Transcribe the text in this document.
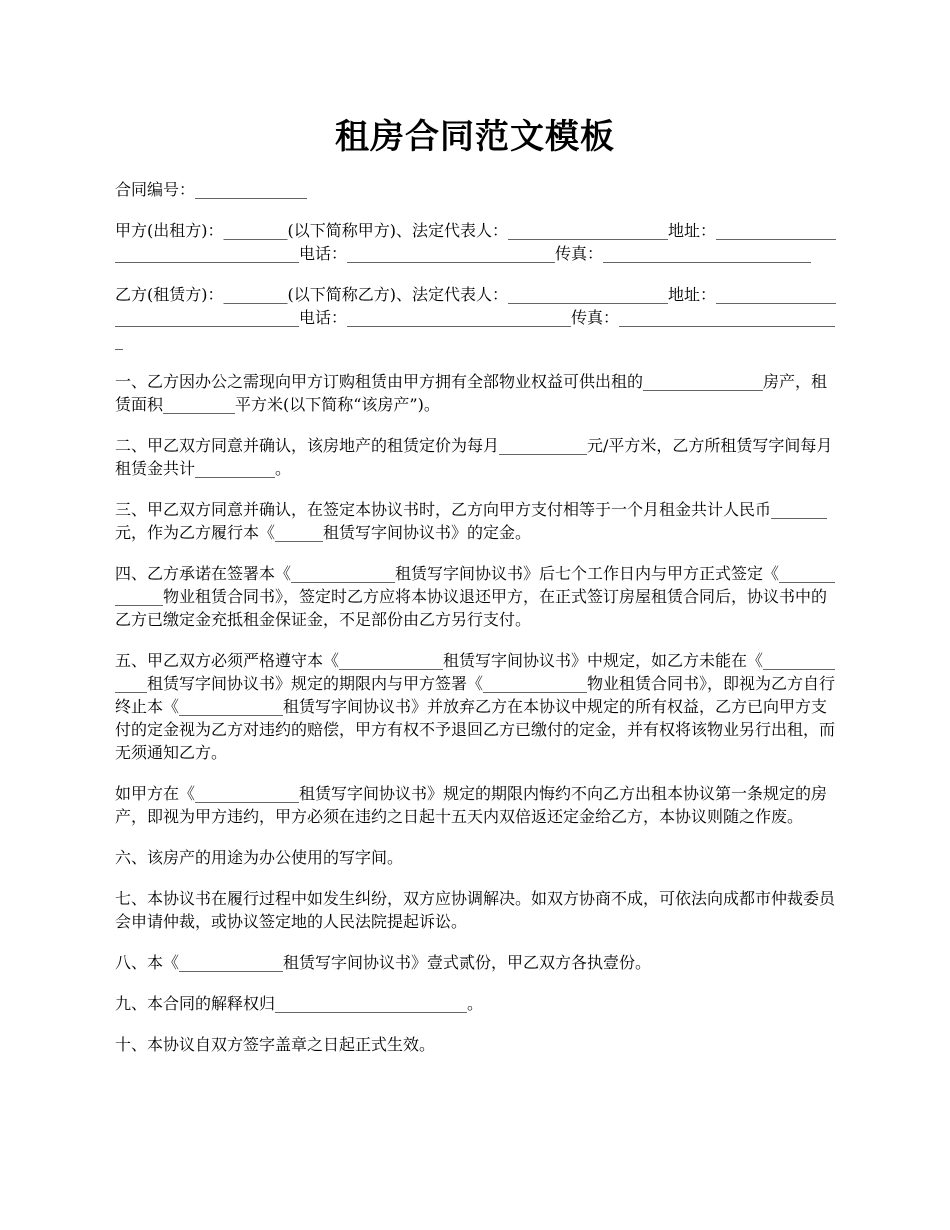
租房合同范文模板

合同编号：______________

甲方(出租方)：________(以下简称甲方)、法定代表人：____________________地址：______________________________________电话：__________________________传真：__________________________

乙方(租赁方)：________(以下简称乙方)、法定代表人：____________________地址：______________________________________电话：____________________________传真：____________________________

一、乙方因办公之需现向甲方订购租赁由甲方拥有全部物业权益可供出租的_______________房产，租赁面积_________平方米(以下简称“该房产”)。

二、甲乙双方同意并确认，该房地产的租赁定价为每月___________元/平方米，乙方所租赁写字间每月租赁金共计__________。

三、甲乙双方同意并确认，在签定本协议书时，乙方向甲方支付相等于一个月租金共计人民币_______元，作为乙方履行本《______租赁写字间协议书》的定金。

四、乙方承诺在签署本《_____________租赁写字间协议书》后七个工作日内与甲方正式签定《_____________物业租赁合同书》，签定时乙方应将本协议退还甲方，在正式签订房屋租赁合同后，协议书中的乙方已缴定金充抵租金保证金，不足部份由乙方另行支付。

五、甲乙双方必须严格遵守本《_____________租赁写字间协议书》中规定，如乙方未能在《_____________租赁写字间协议书》规定的期限内与甲方签署《_____________物业租赁合同书》，即视为乙方自行终止本《_____________租赁写字间协议书》并放弃乙方在本协议中规定的所有权益，乙方已向甲方支付的定金视为乙方对违约的赔偿，甲方有权不予退回乙方已缴付的定金，并有权将该物业另行出租，而无须通知乙方。

如甲方在《_____________租赁写字间协议书》规定的期限内悔约不向乙方出租本协议第一条规定的房产，即视为甲方违约，甲方必须在违约之日起十五天内双倍返还定金给乙方，本协议则随之作废。

六、该房产的用途为办公使用的写字间。

七、本协议书在履行过程中如发生纠纷，双方应协调解决。如双方协商不成，可依法向成都市仲裁委员会申请仲裁，或协议签定地的人民法院提起诉讼。

八、本《_____________租赁写字间协议书》壹式贰份，甲乙双方各执壹份。

九、本合同的解释权归________________________。

十、本协议自双方签字盖章之日起正式生效。
